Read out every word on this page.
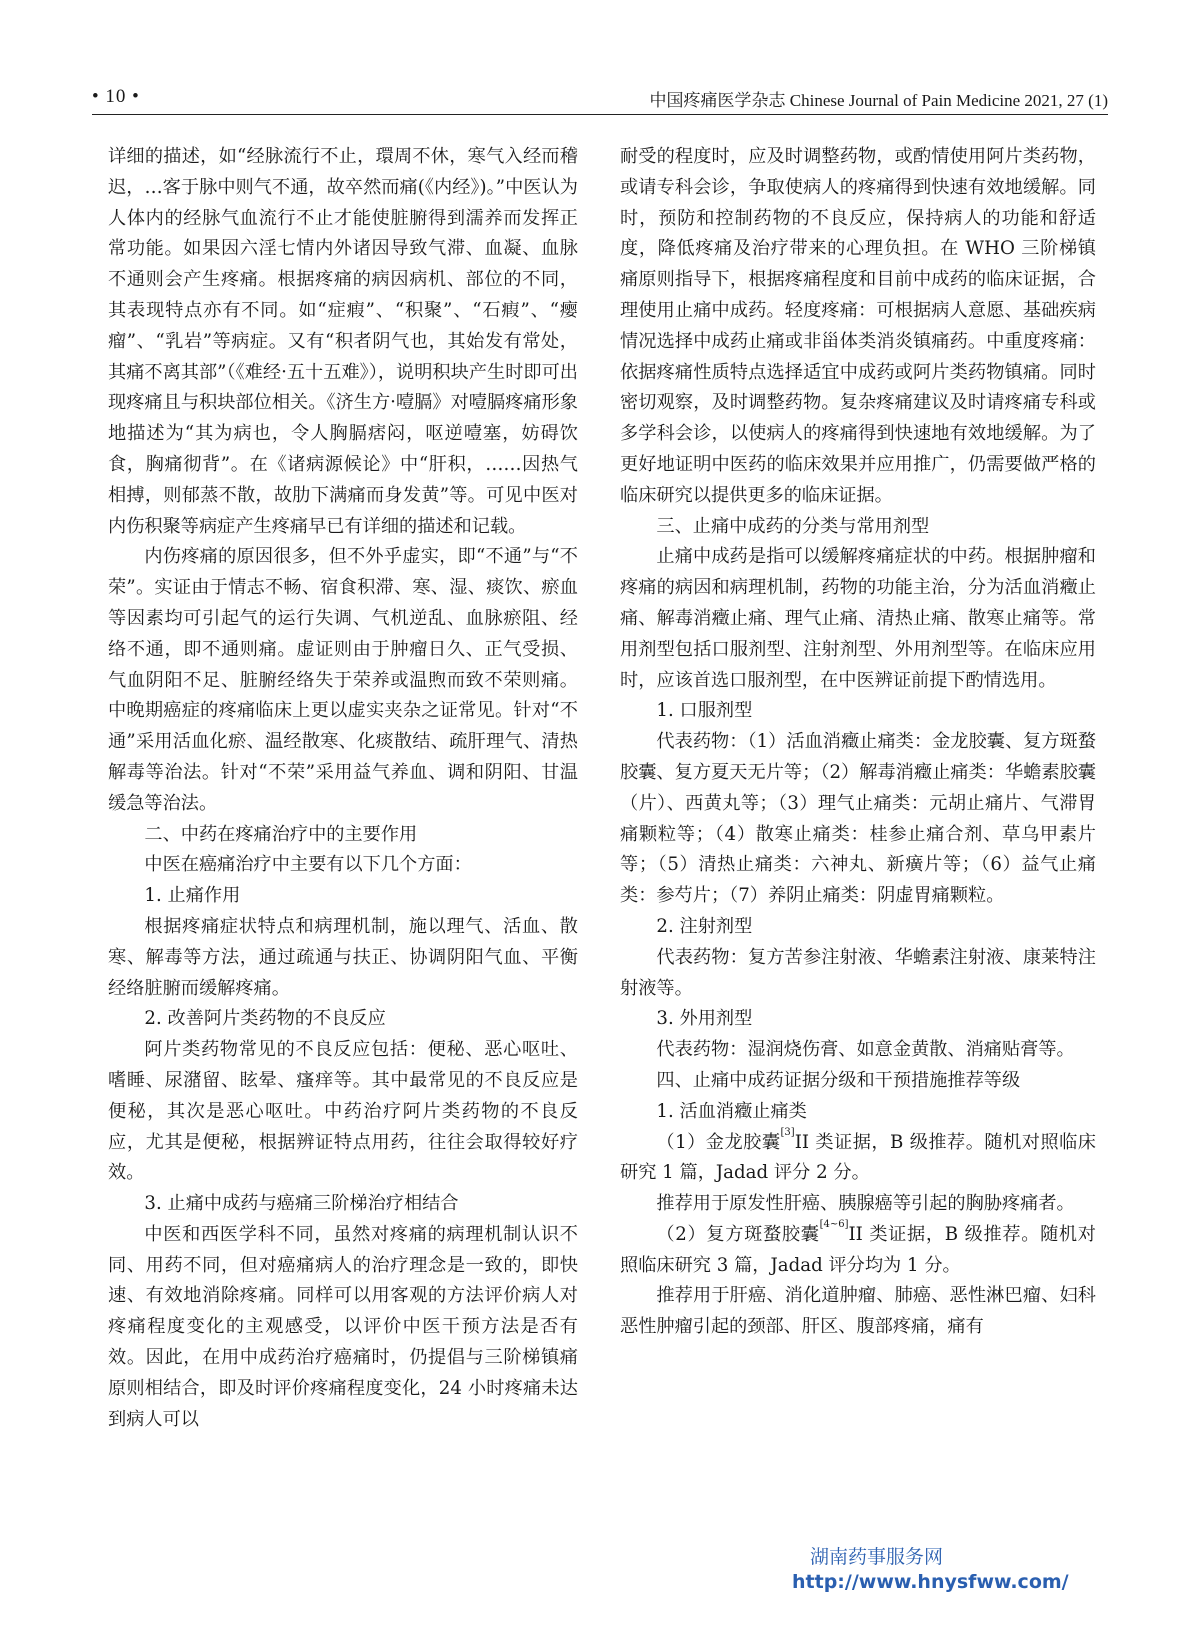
• 10 •	中国疼痛医学杂志 Chinese Journal of Pain Medicine 2021, 27 (1)

详细的描述，如“经脉流行不止，環周不休，寒气入经而稽迟，…客于脉中则气不通，故卒然而痛(《内经》)。”中医认为人体内的经脉气血流行不止才能使脏腑得到濡养而发挥正常功能。如果因六淫七情内外诸因导致气滞、血凝、血脉不通则会产生疼痛。根据疼痛的病因病机、部位的不同，其表现特点亦有不同。如“症瘕”、“积聚”、“石瘕”、“瘿瘤”、“乳岩”等病症。又有“积者阴气也，其始发有常处，其痛不离其部”（《难经·五十五难》），说明积块产生时即可出现疼痛且与积块部位相关。《济生方·噎膈》对噎膈疼痛形象地描述为“其为病也，令人胸膈痞闷，呕逆噎塞，妨碍饮食，胸痛彻背”。在《诸病源候论》中“肝积，……因热气相搏，则郁蒸不散，故肋下满痛而身发黄”等。可见中医对内伤积聚等病症产生疼痛早已有详细的描述和记载。

内伤疼痛的原因很多，但不外乎虚实，即“不通”与“不荣”。实证由于情志不畅、宿食积滞、寒、湿、痰饮、瘀血等因素均可引起气的运行失调、气机逆乱、血脉瘀阻、经络不通，即不通则痛。虚证则由于肿瘤日久、正气受损、气血阴阳不足、脏腑经络失于荣养或温煦而致不荣则痛。中晚期癌症的疼痛临床上更以虚实夹杂之证常见。针对“不通”采用活血化瘀、温经散寒、化痰散结、疏肝理气、清热解毒等治法。针对“不荣”采用益气养血、调和阴阳、甘温缓急等治法。

二、中药在疼痛治疗中的主要作用

中医在癌痛治疗中主要有以下几个方面：

1. 止痛作用

根据疼痛症状特点和病理机制，施以理气、活血、散寒、解毒等方法，通过疏通与扶正、协调阴阳气血、平衡经络脏腑而缓解疼痛。

2. 改善阿片类药物的不良反应

阿片类药物常见的不良反应包括：便秘、恶心呕吐、嗜睡、尿潴留、眩晕、瘙痒等。其中最常见的不良反应是便秘，其次是恶心呕吐。中药治疗阿片类药物的不良反应，尤其是便秘，根据辨证特点用药，往往会取得较好疗效。

3. 止痛中成药与癌痛三阶梯治疗相结合

中医和西医学科不同，虽然对疼痛的病理机制认识不同、用药不同，但对癌痛病人的治疗理念是一致的，即快速、有效地消除疼痛。同样可以用客观的方法评价病人对疼痛程度变化的主观感受，以评价中医干预方法是否有效。因此，在用中成药治疗癌痛时，仍提倡与三阶梯镇痛原则相结合，即及时评价疼痛程度变化，24 小时疼痛未达到病人可以

耐受的程度时，应及时调整药物，或酌情使用阿片类药物，或请专科会诊，争取使病人的疼痛得到快速有效地缓解。同时，预防和控制药物的不良反应，保持病人的功能和舒适度，降低疼痛及治疗带来的心理负担。在 WHO 三阶梯镇痛原则指导下，根据疼痛程度和目前中成药的临床证据，合理使用止痛中成药。轻度疼痛：可根据病人意愿、基础疾病情况选择中成药止痛或非甾体类消炎镇痛药。中重度疼痛：依据疼痛性质特点选择适宜中成药或阿片类药物镇痛。同时密切观察，及时调整药物。复杂疼痛建议及时请疼痛专科或多学科会诊，以使病人的疼痛得到快速地有效地缓解。为了更好地证明中医药的临床效果并应用推广，仍需要做严格的临床研究以提供更多的临床证据。

三、止痛中成药的分类与常用剂型

止痛中成药是指可以缓解疼痛症状的中药。根据肿瘤和疼痛的病因和病理机制，药物的功能主治，分为活血消癥止痛、解毒消癥止痛、理气止痛、清热止痛、散寒止痛等。常用剂型包括口服剂型、注射剂型、外用剂型等。在临床应用时，应该首选口服剂型，在中医辨证前提下酌情选用。

1. 口服剂型

代表药物：（1）活血消癥止痛类：金龙胶囊、复方斑蝥胶囊、复方夏天无片等；（2）解毒消癥止痛类：华蟾素胶囊（片）、西黄丸等；（3）理气止痛类：元胡止痛片、气滞胃痛颗粒等；（4）散寒止痛类：桂参止痛合剂、草乌甲素片等；（5）清热止痛类：六神丸、新癀片等；（6）益气止痛类：参芍片；（7）养阴止痛类：阴虚胃痛颗粒。

2. 注射剂型

代表药物：复方苦参注射液、华蟾素注射液、康莱特注射液等。

3. 外用剂型

代表药物：湿润烧伤膏、如意金黄散、消痛贴膏等。

四、止痛中成药证据分级和干预措施推荐等级

1. 活血消癥止痛类

（1）金龙胶囊[3]II 类证据，B 级推荐。随机对照临床研究 1 篇，Jadad 评分 2 分。

推荐用于原发性肝癌、胰腺癌等引起的胸胁疼痛者。

（2）复方斑蝥胶囊[4~6]II 类证据，B 级推荐。随机对照临床研究 3 篇，Jadad 评分均为 1 分。

推荐用于肝癌、消化道肿瘤、肺癌、恶性淋巴瘤、妇科恶性肿瘤引起的颈部、肝区、腹部疼痛，痛有

湖南药事服务网
http://www.hnysfww.com/
